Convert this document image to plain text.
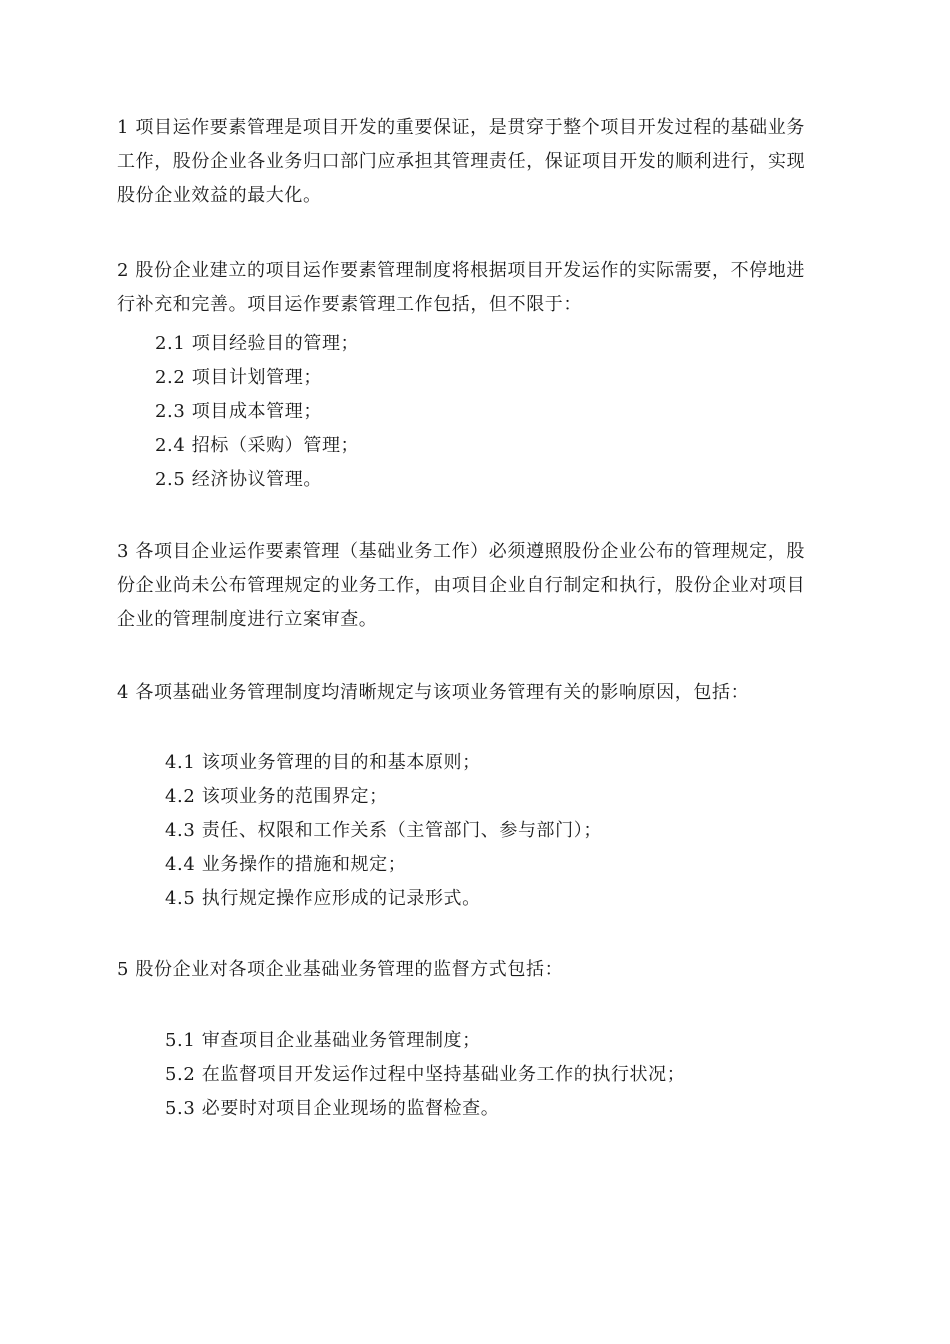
1 项目运作要素管理是项目开发的重要保证，是贯穿于整个项目开发过程的基础业务
工作，股份企业各业务归口部门应承担其管理责任，保证项目开发的顺利进行，实现
股份企业效益的最大化。

2 股份企业建立的项目运作要素管理制度将根据项目开发运作的实际需要，不停地进
行补充和完善。项目运作要素管理工作包括，但不限于：

2.1 项目经验目的管理；
2.2 项目计划管理；
2.3 项目成本管理；
2.4 招标（采购）管理；
2.5 经济协议管理。

3 各项目企业运作要素管理（基础业务工作）必须遵照股份企业公布的管理规定，股
份企业尚未公布管理规定的业务工作，由项目企业自行制定和执行，股份企业对项目
企业的管理制度进行立案审查。

4 各项基础业务管理制度均清晰规定与该项业务管理有关的影响原因，包括：

4.1 该项业务管理的目的和基本原则；
4.2 该项业务的范围界定；
4.3 责任、权限和工作关系（主管部门、参与部门）；
4.4 业务操作的措施和规定；
4.5 执行规定操作应形成的记录形式。

5 股份企业对各项企业基础业务管理的监督方式包括：

5.1 审查项目企业基础业务管理制度；
5.2 在监督项目开发运作过程中坚持基础业务工作的执行状况；
5.3 必要时对项目企业现场的监督检查。
